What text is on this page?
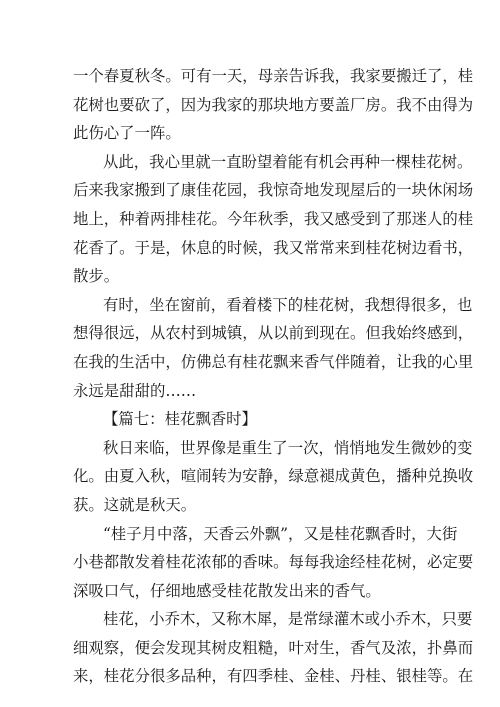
一个春夏秋冬。可有一天，母亲告诉我，我家要搬迁了，桂
花树也要砍了，因为我家的那块地方要盖厂房。我不由得为
此伤心了一阵。
从此，我心里就一直盼望着能有机会再种一棵桂花树。
后来我家搬到了康佳花园，我惊奇地发现屋后的一块休闲场
地上，种着两排桂花。今年秋季，我又感受到了那迷人的桂
花香了。于是，休息的时候，我又常常来到桂花树边看书，
散步。
有时，坐在窗前，看着楼下的桂花树，我想得很多，也
想得很远，从农村到城镇，从以前到现在。但我始终感到，
在我的生活中，仿佛总有桂花飘来香气伴随着，让我的心里
永远是甜甜的……
【篇七：桂花飘香时】
秋日来临，世界像是重生了一次，悄悄地发生微妙的变
化。由夏入秋，喧闹转为安静，绿意褪成黄色，播种兑换收
获。这就是秋天。
“桂子月中落，天香云外飘”，又是桂花飘香时，大街
小巷都散发着桂花浓郁的香味。每每我途经桂花树，必定要
深吸口气，仔细地感受桂花散发出来的香气。
桂花，小乔木，又称木犀，是常绿灌木或小乔木，只要
细观察，便会发现其树皮粗糙，叶对生，香气及浓，扑鼻而
来，桂花分很多品种，有四季桂、金桂、丹桂、银桂等。在
